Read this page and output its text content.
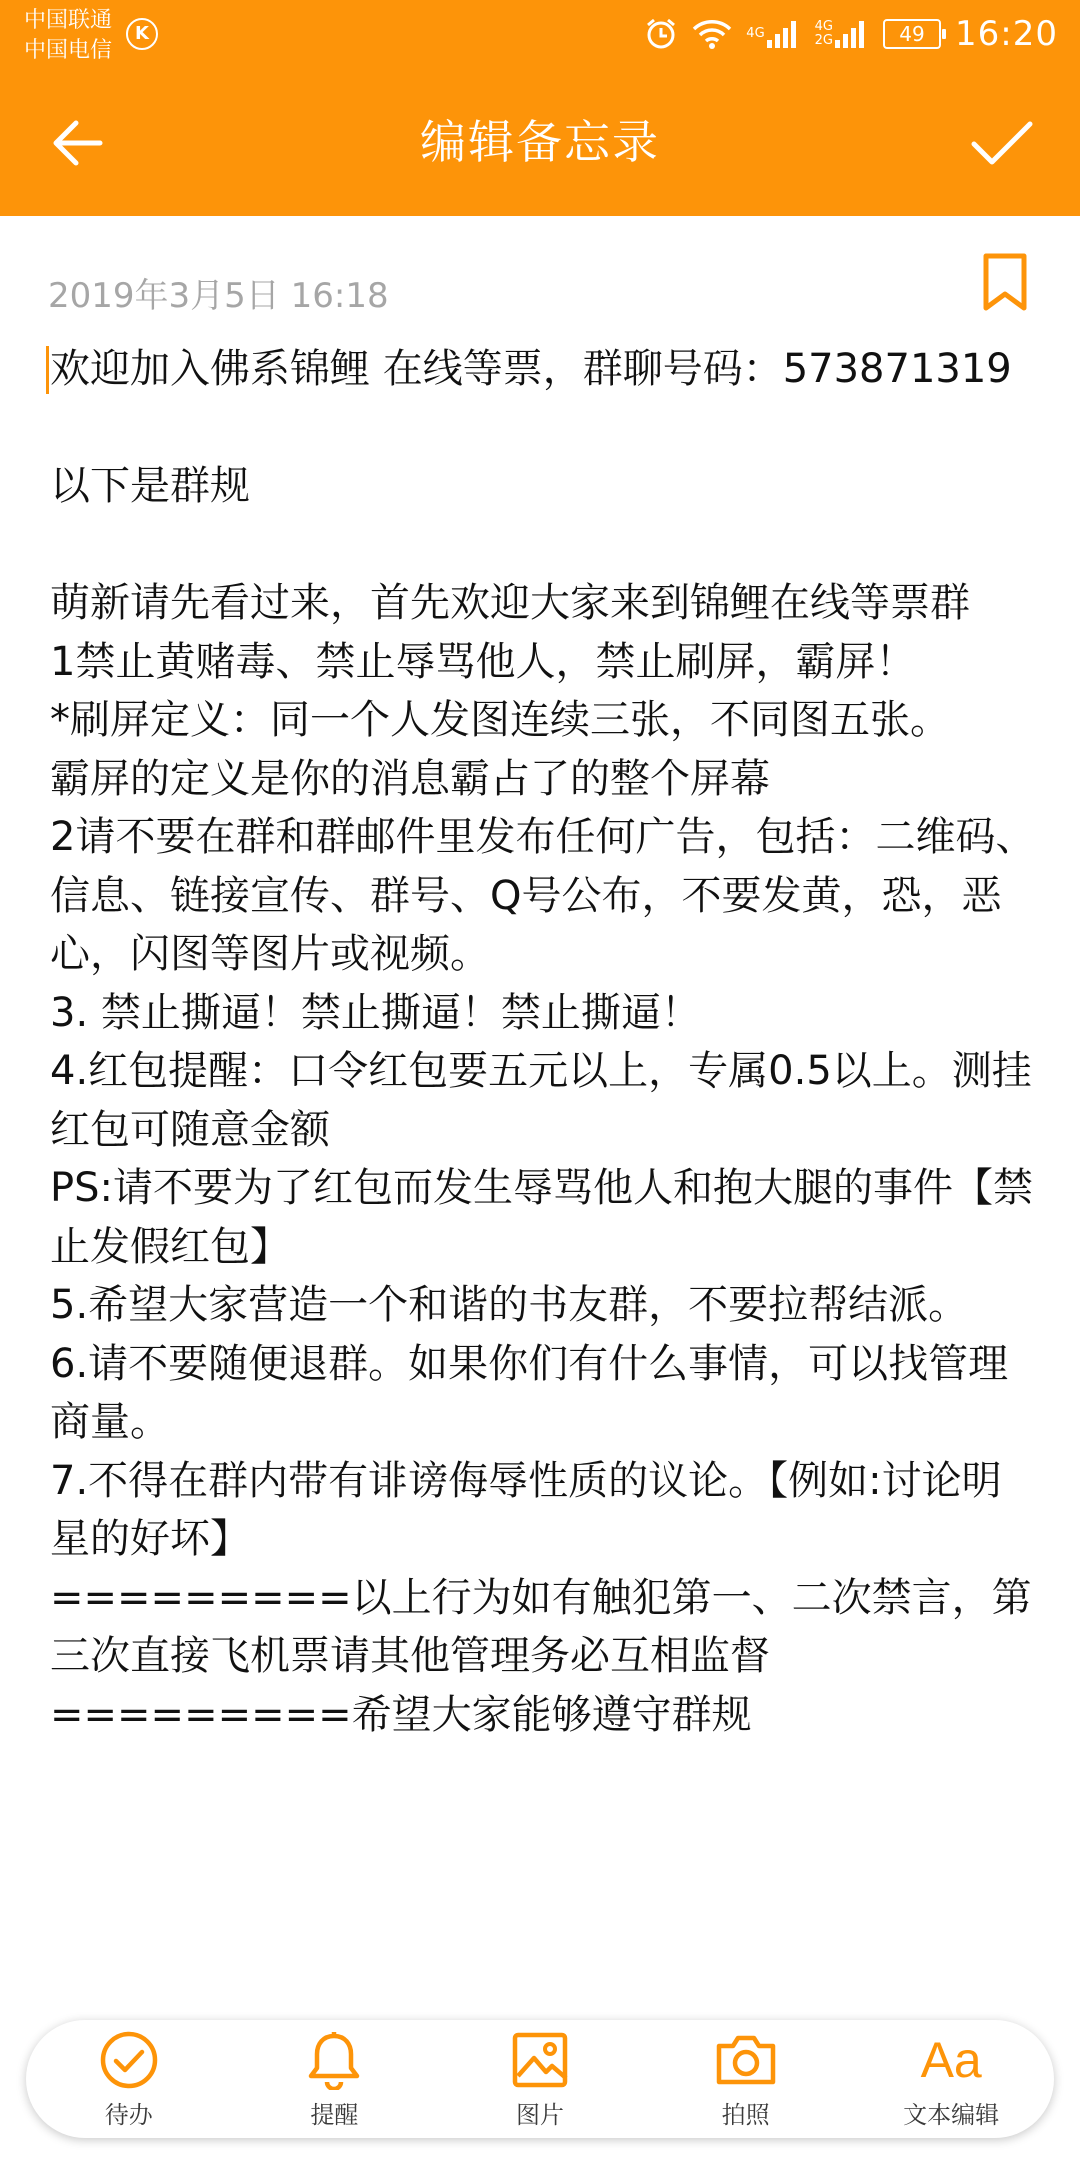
中国联通
中国电信
K	4G	4G
2G	49 16:20
编辑备忘录
2019年3月5日 16:18
欢迎加入佛系锦鲤 在线等票，群聊号码：573871319

以下是群规

萌新请先看过来，首先欢迎大家来到锦鲤在线等票群
1禁止黄赌毒、禁止辱骂他人，禁止刷屏，霸屏！
*刷屏定义：同一个人发图连续三张，不同图五张。
霸屏的定义是你的消息霸占了的整个屏幕
2请不要在群和群邮件里发布任何广告，包括：二维码、信息、链接宣传、群号、Q号公布，不要发黄，恐，恶心，闪图等图片或视频。
3. 禁止撕逼！禁止撕逼！禁止撕逼！
4.红包提醒：口令红包要五元以上，专属0.5以上。测挂红包可随意金额
PS:请不要为了红包而发生辱骂他人和抱大腿的事件【禁止发假红包】
5.希望大家营造一个和谐的书友群，不要拉帮结派。
6.请不要随便退群。如果你们有什么事情，可以找管理商量。
7.不得在群内带有诽谤侮辱性质的议论。【例如:讨论明星的好坏】
=========以上行为如有触犯第一、二次禁言，第三次直接飞机票请其他管理务必互相监督
=========希望大家能够遵守群规
待办	提醒	图片	拍照
Aa
文本编辑
